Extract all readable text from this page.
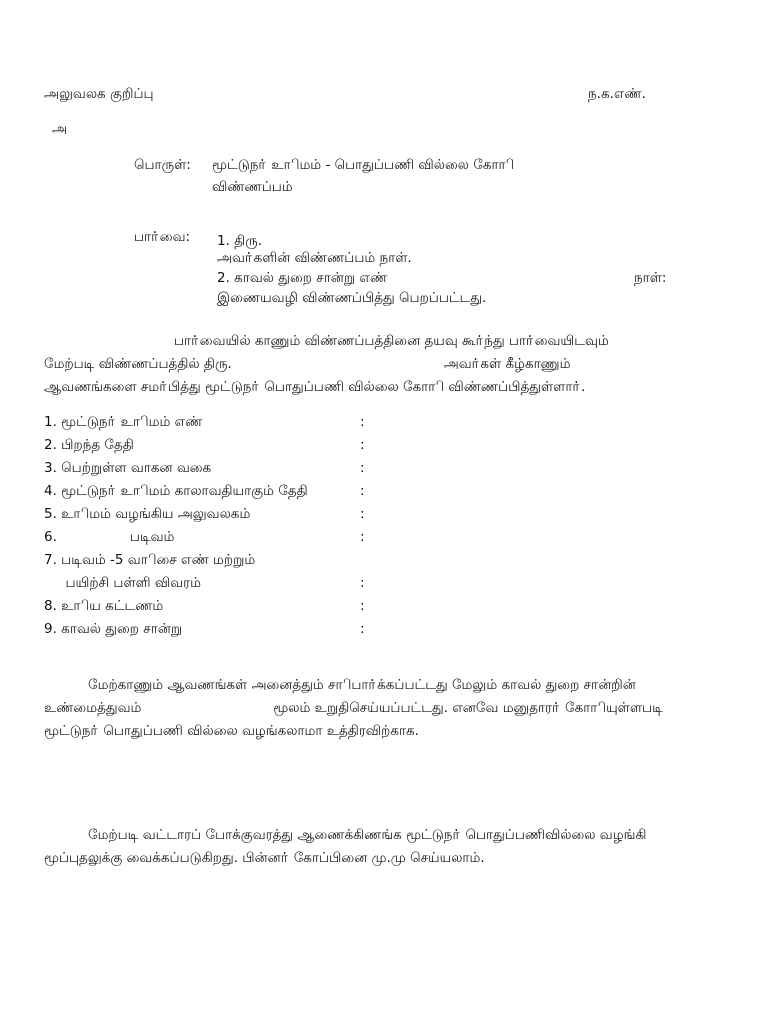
அலுவலக குறிப்பு	ந.க.எண்.
அ
பொருள்: மூட்டுநா் உாிமம் - பொதுப்பணி வில்லை கோாி
விண்ணப்பம்
பாா்வை: 1. திரு.
அவா்களின் விண்ணப்பம் நாள்.
2. காவல் துறை சான்று எண்	நாள்:
இணையவழி விண்ணப்பித்து பெறப்பட்டது.

பாா்வையில் காணும் விண்ணப்பத்தினை தயவு கூா்ந்து பாா்வையிடவும்

மேற்படி விண்ணப்பத்தில் திரு.	அவா்கள் கீழ்காணும்

ஆவணங்களை சமா்பித்து மூட்டுநா் பொதுப்பணி வில்லை கோாி விண்ணப்பித்துள்ளாா்.

1. மூட்டுநா் உாிமம் எண்	:
2. பிறந்த தேதி	:
3. பெற்றுள்ள வாகன வகை	:
4. மூட்டுநா் உாிமம் காலாவதியாகும் தேதி	:
5. உாிமம் வழங்கிய அலுவலகம்	:
6.                 படிவம்	:
7. படிவம் -5 வாிசை எண் மற்றும்
பயிற்சி பள்ளி விவரம்	:
8. உாிய கட்டணம்	:
9. காவல் துறை சான்று	:

மேற்காணும் ஆவணங்கள் அனைத்தும் சாிபாா்க்கப்பட்டது மேலும் காவல் துறை சான்றின்

உண்மைத்துவம்	மூலம் உறுதிசெய்யப்பட்டது. எனவே மனுதாரா் கோாியுள்ளபடி

மூட்டுநா் பொதுப்பணி வில்லை வழங்கலாமா உத்திரவிற்காக.

மேற்படி வட்டாரப் போக்குவரத்து ஆணைக்கிணங்க மூட்டுநா் பொதுப்பணிவில்லை வழங்கி

மூப்புதலுக்கு வைக்கப்படுகிறது. பின்னா் கோப்பினை மு.மு செய்யலாம்.
